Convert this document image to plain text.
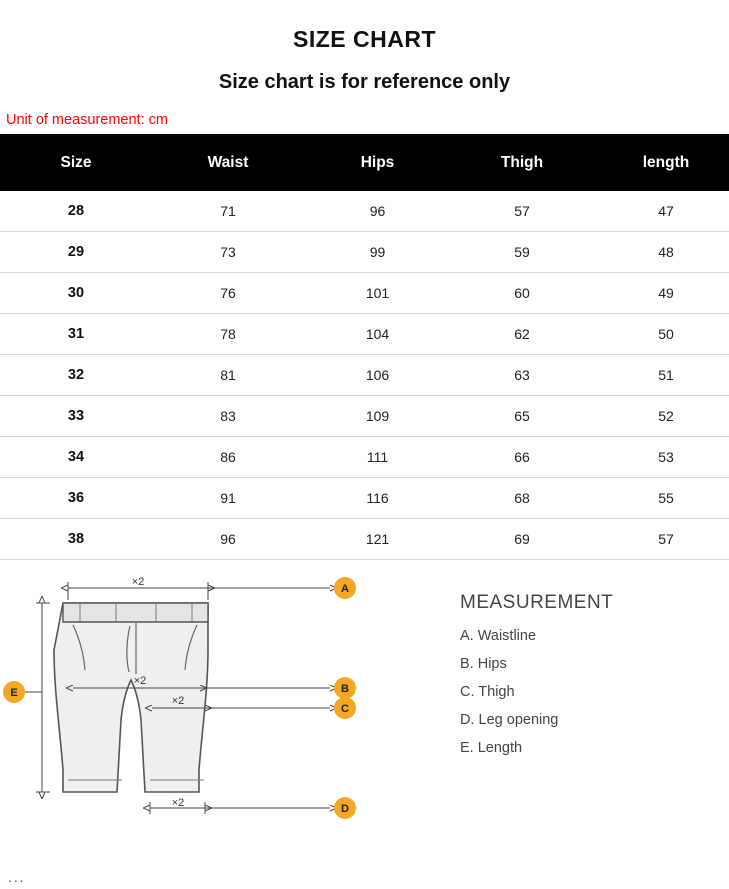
SIZE CHART
Size chart is for reference only
Unit of measurement: cm
Size	Waist	Hips	Thigh	length
28	71	96	57	47
29	73	99	59	48
30	76	101	60	49
31	78	104	62	50
32	81	106	63	51
33	83	109	65	52
34	86	111	66	53
36	91	116	68	55
38	96	121	69	57
×2
A
×2
B
×2
C
×2	D
E
MEASUREMENT
A. Waistline
B. Hips
C. Thigh
D. Leg opening
E. Length
...
